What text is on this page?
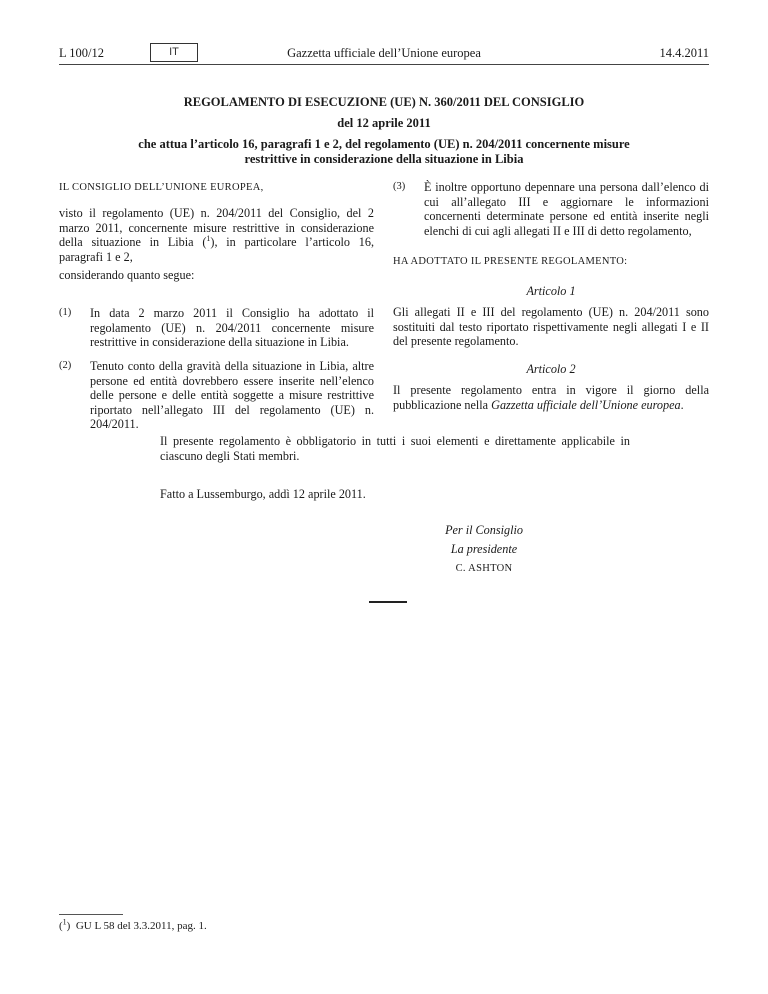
L 100/12	IT	Gazzetta ufficiale dell’Unione europea	14.4.2011
REGOLAMENTO DI ESECUZIONE (UE) N. 360/2011 DEL CONSIGLIO
del 12 aprile 2011
che attua l’articolo 16, paragrafi 1 e 2, del regolamento (UE) n. 204/2011 concernente misure
restrittive in considerazione della situazione in Libia
IL CONSIGLIO DELL’UNIONE EUROPEA,
visto il regolamento (UE) n. 204/2011 del Consiglio, del 2 marzo 2011, concernente misure restrittive in considerazione della situazione in Libia ($^1$), in particolare l’articolo 16, paragrafi 1 e 2,
considerando quanto segue:
(1) In data 2 marzo 2011 il Consiglio ha adottato il regolamento (UE) n. 204/2011 concernente misure restrittive in considerazione della situazione in Libia.
(2) Tenuto conto della gravità della situazione in Libia, altre persone ed entità dovrebbero essere inserite nell’elenco delle persone e delle entità soggette a misure restrittive riportato nell’allegato III del regolamento (UE) n. 204/2011.
(3) È inoltre opportuno depennare una persona dall’elenco di cui all’allegato III e aggiornare le informazioni concernenti determinate persone ed entità inserite negli elenchi di cui agli allegati II e III di detto regolamento,
HA ADOTTATO IL PRESENTE REGOLAMENTO:
Articolo 1
Gli allegati II e III del regolamento (UE) n. 204/2011 sono sostituiti dal testo riportato rispettivamente negli allegati I e II del presente regolamento.
Articolo 2
Il presente regolamento entra in vigore il giorno della pubblicazione nella Gazzetta ufficiale dell’Unione europea.
Il presente regolamento è obbligatorio in tutti i suoi elementi e direttamente applicabile in ciascuno degli Stati membri.
Fatto a Lussemburgo, addì 12 aprile 2011.
Per il Consiglio
La presidente
C. ASHTON
($^1$)  GU L 58 del 3.3.2011, pag. 1.
